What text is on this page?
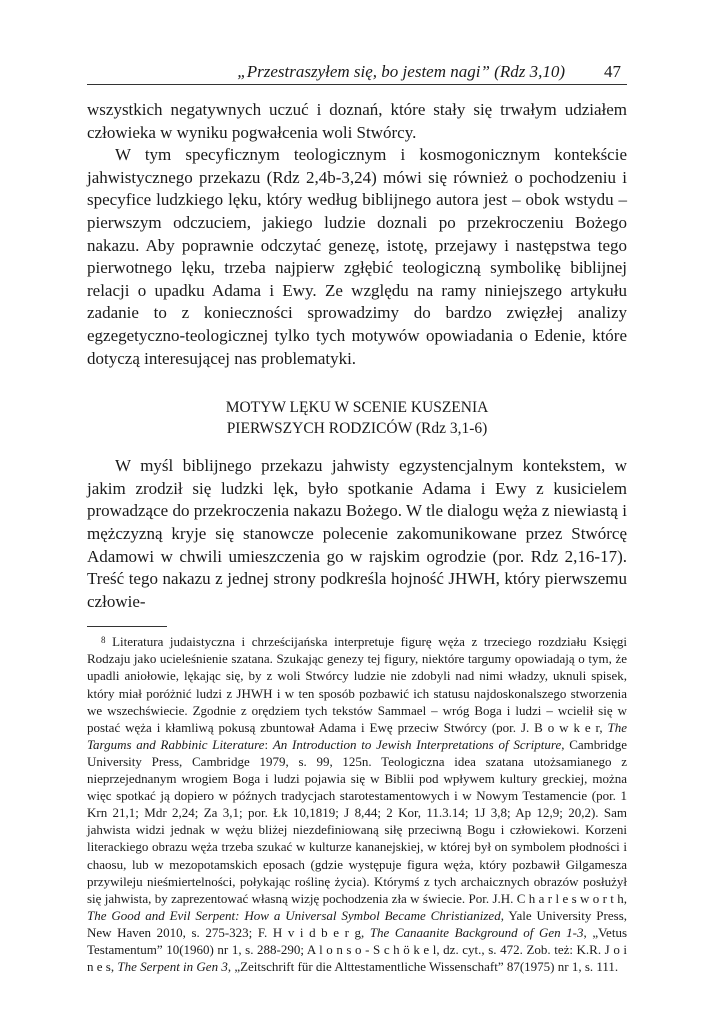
„Przestraszyłem się, bo jestem nagi” (Rdz 3,10) 47

wszystkich negatywnych uczuć i doznań, które stały się trwałym udziałem człowieka w wyniku pogwałcenia woli Stwórcy.

W tym specyficznym teologicznym i kosmogonicznym kontekście jahwistycznego przekazu (Rdz 2,4b-3,24) mówi się również o pochodzeniu i specyfice ludzkiego lęku, który według biblijnego autora jest – obok wstydu – pierwszym odczuciem, jakiego ludzie doznali po przekroczeniu Bożego nakazu. Aby poprawnie odczytać genezę, istotę, przejawy i następstwa tego pierwotnego lęku, trzeba najpierw zgłębić teologiczną symbolikę biblijnej relacji o upadku Adama i Ewy. Ze względu na ramy niniejszego artykułu zadanie to z konieczności sprowadzimy do bardzo zwięzłej analizy egzegetyczno-teologicznej tylko tych motywów opowiadania o Edenie, które dotyczą interesującej nas problematyki.

MOTYW LĘKU W SCENIE KUSZENIA
PIERWSZYCH RODZICÓW (Rdz 3,1-6)

W myśl biblijnego przekazu jahwisty egzystencjalnym kontekstem, w jakim zrodził się ludzki lęk, było spotkanie Adama i Ewy z kusicielem prowadzące do przekroczenia nakazu Bożego. W tle dialogu węża z niewiastą i mężczyzną kryje się stanowcze polecenie zakomunikowane przez Stwórcę Adamowi w chwili umieszczenia go w rajskim ogrodzie (por. Rdz 2,16-17). Treść tego nakazu z jednej strony podkreśla hojność JHWH, który pierwszemu człowie-

$^8$ Literatura judaistyczna i chrześcijańska interpretuje figurę węża z trzeciego rozdziału Księgi Rodzaju jako ucieleśnienie szatana. Szukając genezy tej figury, niektóre targumy opowiadają o tym, że upadli aniołowie, lękając się, by z woli Stwórcy ludzie nie zdobyli nad nimi władzy, uknuli spisek, który miał poróżnić ludzi z JHWH i w ten sposób pozbawić ich statusu najdoskonalszego stworzenia we wszechświecie. Zgodnie z orędziem tych tekstów Sammael – wróg Boga i ludzi – wcielił się w postać węża i kłamliwą pokusą zbuntował Adama i Ewę przeciw Stwórcy (por. J. B o w k e r, The Targums and Rabbinic Literature: An Introduction to Jewish Interpretations of Scripture, Cambridge University Press, Cambridge 1979, s. 99, 125n. Teologiczna idea szatana utożsamianego z nieprzejednanym wrogiem Boga i ludzi pojawia się w Biblii pod wpływem kultury greckiej, można więc spotkać ją dopiero w późnych tradycjach starotestamentowych i w Nowym Testamencie (por. 1 Krn 21,1; Mdr 2,24; Za 3,1; por. Łk 10,1819; J 8,44; 2 Kor, 11.3.14; 1J 3,8; Ap 12,9; 20,2). Sam jahwista widzi jednak w wężu bliżej niezdefiniowaną siłę przeciwną Bogu i człowiekowi. Korzeni literackiego obrazu węża trzeba szukać w kulturze kananejskiej, w której był on symbolem płodności i chaosu, lub w mezopotamskich eposach (gdzie występuje figura węża, który pozbawił Gilgamesza przywileju nieśmiertelności, połykając roślinę życia). Którymś z tych archaicznych obrazów posłużył się jahwista, by zaprezentować własną wizję pochodzenia zła w świecie. Por. J.H. C h a r l e s w o r t h, The Good and Evil Serpent: How a Universal Symbol Became Christianized, Yale University Press, New Haven 2010, s. 275-323; F. H v i d b e r g, The Canaanite Background of Gen 1-3, „Vetus Testamentum” 10(1960) nr 1, s. 288-290; A l o n s o - S c h ö k e l, dz. cyt., s. 472. Zob. też: K.R. J o i n e s, The Serpent in Gen 3, „Zeitschrift für die Alttestamentliche Wissenschaft” 87(1975) nr 1, s. 111.
